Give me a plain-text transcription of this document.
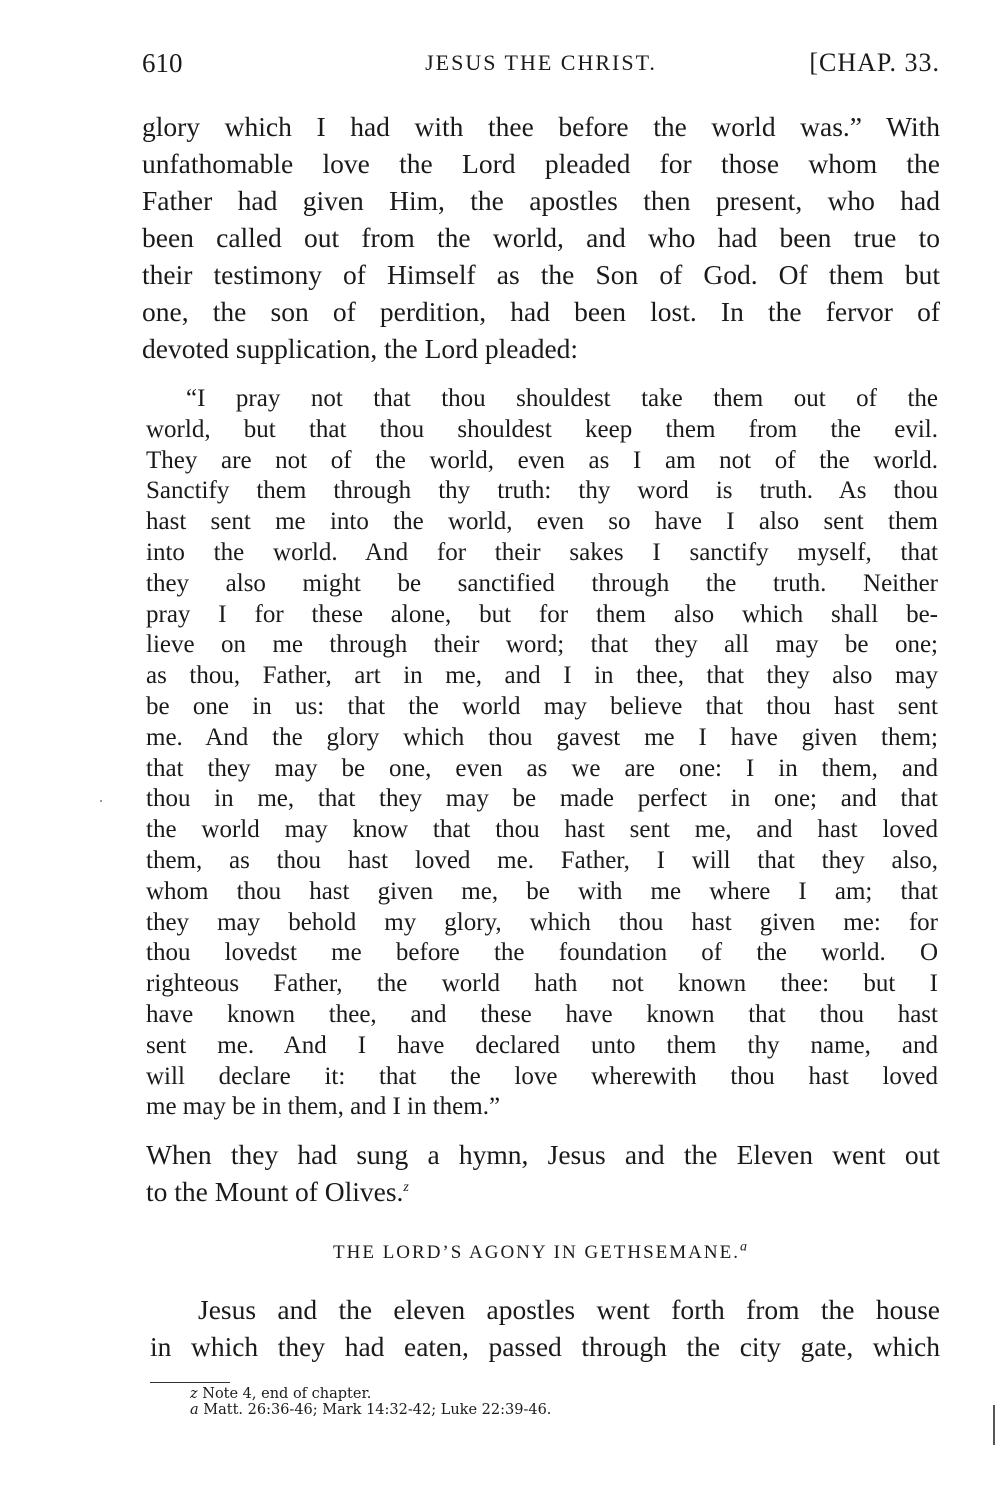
610	JESUS THE CHRIST.	[CHAP. 33.
glory which I had with thee before the world was.” With
unfathomable love the Lord pleaded for those whom the
Father had given Him, the apostles then present, who had
been called out from the world, and who had been true to
their testimony of Himself as the Son of God. Of them but
one, the son of perdition, had been lost. In the fervor of
devoted supplication, the Lord pleaded:
“I pray not that thou shouldest take them out of the
world, but that thou shouldest keep them from the evil.
They are not of the world, even as I am not of the world.
Sanctify them through thy truth: thy word is truth. As thou
hast sent me into the world, even so have I also sent them
into the world. And for their sakes I sanctify myself, that
they also might be sanctified through the truth. Neither
pray I for these alone, but for them also which shall be-
lieve on me through their word; that they all may be one;
as thou, Father, art in me, and I in thee, that they also may
be one in us: that the world may believe that thou hast sent
me. And the glory which thou gavest me I have given them;
that they may be one, even as we are one: I in them, and
thou in me, that they may be made perfect in one; and that
the world may know that thou hast sent me, and hast loved
them, as thou hast loved me. Father, I will that they also,
whom thou hast given me, be with me where I am; that
they may behold my glory, which thou hast given me: for
thou lovedst me before the foundation of the world. O
righteous Father, the world hath not known thee: but I
have known thee, and these have known that thou hast
sent me. And I have declared unto them thy name, and
will declare it: that the love wherewith thou hast loved
me may be in them, and I in them.”
When they had sung a hymn, Jesus and the Eleven went out
to the Mount of Olives.$^z$
THE LORD’S AGONY IN GETHSEMANE.$^a$
Jesus and the eleven apostles went forth from the house
in which they had eaten, passed through the city gate, which
z Note 4, end of chapter.
a Matt. 26:36-46; Mark 14:32-42; Luke 22:39-46.
